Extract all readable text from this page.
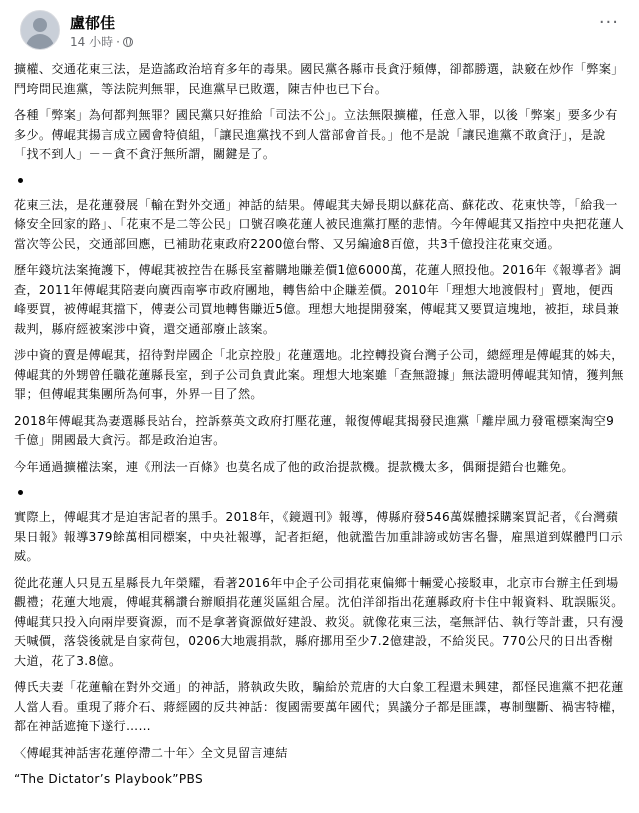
盧郁佳
14 小時 ·
···

擴權、交通花東三法，是造謠政治培育多年的毒果。國民黨各縣市長貪汙頻傳，卻都勝選，訣竅在炒作「弊案」鬥垮問民進黨，等法院判無罪，民進黨早已敗選，陳吉仲也已下台。

各種「弊案」為何都判無罪？國民黨只好推給「司法不公」。立法無限擴權，任意入罪，以後「弊案」要多少有多少。傅崐萁揚言成立國會特偵組，「讓民進黨找不到人當部會首長。」他不是說「讓民進黨不敢貪汙」，是說「找不到人」－－貪不貪汙無所謂，關鍵是了。

花東三法，是花蓮發展「輸在對外交通」神話的結果。傅崐萁夫婦長期以蘇花高、蘇花改、花東快等，「給我一條安全回家的路」、「花東不是二等公民」口號召喚花蓮人被民進黨打壓的悲情。今年傅崐萁又指控中央把花蓮人當次等公民，交通部回應，已補助花東政府2200億台幣、又另編逾8百億，共3千億投注花東交通。

歷年錢坑法案掩護下，傅崐萁被控告在縣長室蓄購地賺差價1億6000萬，花蓮人照投他。2016年《報導者》調查，2011年傅崐萁陪妻向廣西南寧市政府團地，轉售給中企賺差價。2010年「理想大地渡假村」賣地，便西峰要買，被傅崐萁擋下，傅妻公司買地轉售賺近5億。理想大地提開發案，傅崐萁又要買這塊地，被拒，球員兼裁判，縣府經被案涉中資，還交通部廢止該案。

涉中資的賣是傅崐萁，招待對岸國企「北京控股」花蓮選地。北控轉投資台灣子公司，總經理是傅崐萁的姊夫，傅崐萁的外甥曾任職花蓮縣長室，到子公司負責此案。理想大地案雖「查無證據」無法證明傅崐萁知情，獲判無罪；但傅崐萁集團所為何事，外界一目了然。

2018年傅崐萁為妻選縣長站台，控訴蔡英文政府打壓花蓮，報復傅崐萁揭發民進黨「離岸風力發電標案淘空9千億」開國最大貪污。都是政治迫害。

今年通過擴權法案，連《刑法一百條》也莫名成了他的政治提款機。提款機太多，偶爾提錯台也難免。

實際上，傅崐萁才是迫害記者的黑手。2018年，《鏡週刊》報導，傅縣府發546萬媒體採購案買記者，《台灣蘋果日報》報導379餘萬相同標案，中央社報導，記者拒絕，他就濫告加重誹謗或妨害名譽，雇黑道到媒體門口示威。

從此花蓮人只見五星縣長九年榮耀，看著2016年中企子公司捐花東偏鄉十輛愛心接駁車，北京市台辦主任到場觀禮；花蓮大地震，傅崐萁稱讚台辦順捐花蓮災區組合屋。沈伯洋卻指出花蓮縣政府卡住中報資料、耽誤賑災。傅崐萁只投入向兩岸要資源，而不是拿著資源做好建設、救災。就像花東三法，毫無評估、執行等計畫，只有漫天喊價，落袋後就是自家荷包，0206大地震捐款，縣府挪用至少7.2億建設，不給災民。770公尺的日出香榭大道，花了3.8億。

傅氏夫妻「花蓮輸在對外交通」的神話，將執政失敗，騙給於荒唐的大白象工程還未興建，都怪民進黨不把花蓮人當人看。重現了蔣介石、蔣經國的反共神話：復國需要萬年國代；異議分子都是匪諜，專制壟斷、禍害特權，都在神話遮掩下遂行……

〈傅崐萁神話害花蓮停滯二十年〉全文見留言連結

“The Dictator’s Playbook”PBS
